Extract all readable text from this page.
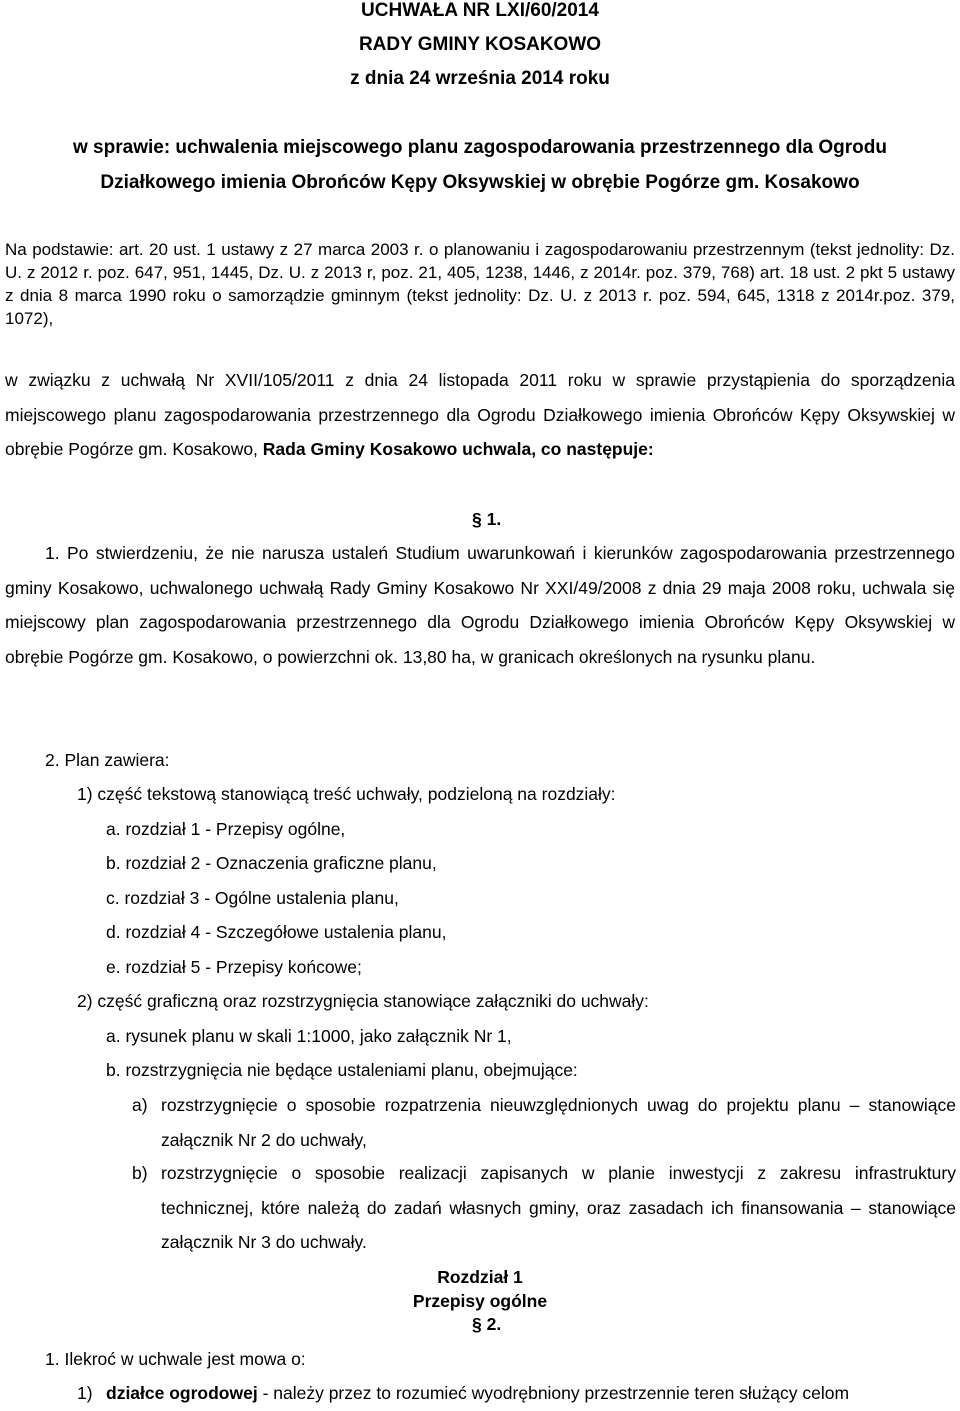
UCHWAŁA NR LXI/60/2014
RADY GMINY KOSAKOWO
z dnia 24 września 2014 roku
w sprawie: uchwalenia miejscowego planu zagospodarowania przestrzennego dla Ogrodu
Działkowego imienia Obrońców Kępy Oksywskiej w obrębie Pogórze gm. Kosakowo
Na podstawie: art. 20 ust. 1 ustawy z 27 marca 2003 r. o planowaniu i zagospodarowaniu przestrzennym (tekst jednolity: Dz. U. z 2012 r. poz. 647, 951, 1445, Dz. U. z 2013 r, poz. 21, 405, 1238, 1446, z 2014r. poz. 379, 768) art. 18 ust. 2 pkt 5 ustawy z dnia 8 marca 1990 roku o samorządzie gminnym (tekst jednolity: Dz. U. z 2013 r. poz. 594, 645, 1318 z 2014r.poz. 379, 1072),
w związku z uchwałą Nr XVII/105/2011 z dnia 24 listopada 2011 roku w sprawie przystąpienia do sporządzenia miejscowego planu zagospodarowania przestrzennego dla Ogrodu Działkowego imienia Obrońców Kępy Oksywskiej w obrębie Pogórze gm. Kosakowo, Rada Gminy Kosakowo uchwala, co następuje:
§ 1.
1. Po stwierdzeniu, że nie narusza ustaleń Studium uwarunkowań i kierunków zagospodarowania przestrzennego gminy Kosakowo, uchwalonego uchwałą Rady Gminy Kosakowo Nr XXI/49/2008 z dnia 29 maja 2008 roku, uchwala się miejscowy plan zagospodarowania przestrzennego dla Ogrodu Działkowego imienia Obrońców Kępy Oksywskiej w obrębie Pogórze gm. Kosakowo, o powierzchni ok. 13,80 ha, w granicach określonych na rysunku planu.
2. Plan zawiera:
1) część tekstową stanowiącą treść uchwały, podzieloną na rozdziały:
a. rozdział 1 - Przepisy ogólne,
b. rozdział 2 - Oznaczenia graficzne planu,
c. rozdział 3 - Ogólne ustalenia planu,
d. rozdział 4 - Szczegółowe ustalenia planu,
e. rozdział 5 - Przepisy końcowe;
2) część graficzną oraz rozstrzygnięcia stanowiące załączniki do uchwały:
a. rysunek planu w skali 1:1000, jako załącznik Nr 1,
b. rozstrzygnięcia nie będące ustaleniami planu, obejmujące:
a) rozstrzygnięcie o sposobie rozpatrzenia nieuwzględnionych uwag do projektu planu – stanowiące załącznik Nr 2 do uchwały,
b) rozstrzygnięcie o sposobie realizacji zapisanych w planie inwestycji z zakresu infrastruktury technicznej, które należą do zadań własnych gminy, oraz zasadach ich finansowania – stanowiące załącznik Nr 3 do uchwały.
Rozdział 1
Przepisy ogólne
§ 2.
1. Ilekroć w uchwale jest mowa o:
1) działce ogrodowej - należy przez to rozumieć wyodrębniony przestrzennie teren służący celom
